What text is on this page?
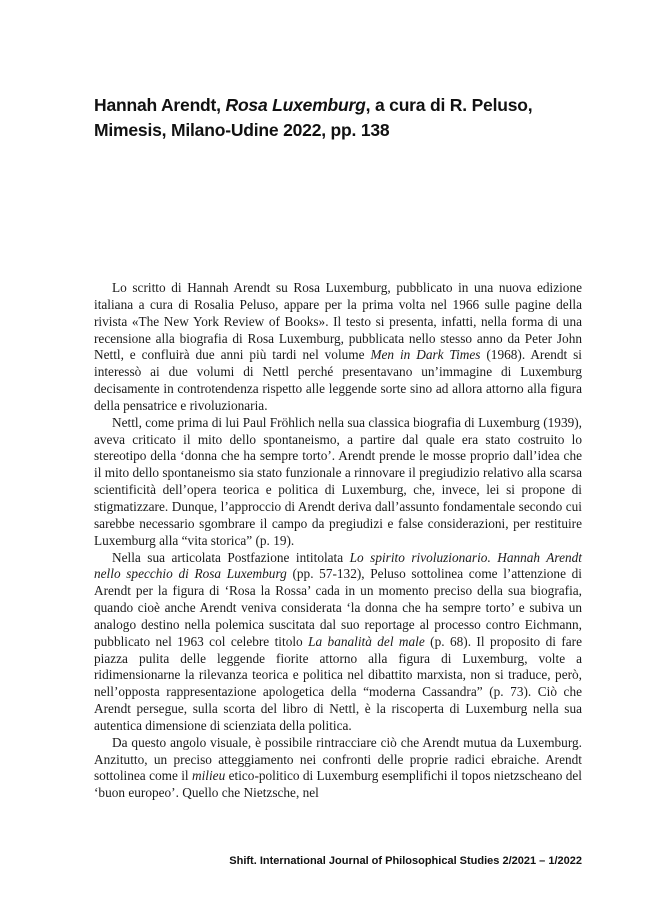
Hannah Arendt, Rosa Luxemburg, a cura di R. Peluso, Mimesis, Milano-Udine 2022, pp. 138

Lo scritto di Hannah Arendt su Rosa Luxemburg, pubblicato in una nuova edizione italiana a cura di Rosalia Peluso, appare per la prima volta nel 1966 sulle pagine della rivista «The New York Review of Books». Il testo si presenta, infatti, nella forma di una recensione alla biografia di Rosa Luxemburg, pubblicata nello stesso anno da Peter John Nettl, e confluirà due anni più tardi nel volume Men in Dark Times (1968). Arendt si interessò ai due volumi di Nettl perché presentavano un’immagine di Luxemburg decisamente in controtendenza rispetto alle leggende sorte sino ad allora attorno alla figura della pensatrice e rivoluzionaria.

Nettl, come prima di lui Paul Fröhlich nella sua classica biografia di Luxemburg (1939), aveva criticato il mito dello spontaneismo, a partire dal quale era stato costruito lo stereotipo della ‘donna che ha sempre torto’. Arendt prende le mosse proprio dall’idea che il mito dello spontaneismo sia stato funzionale a rinnovare il pregiudizio relativo alla scarsa scientificità dell’opera teorica e politica di Luxemburg, che, invece, lei si propone di stigmatizzare. Dunque, l’approccio di Arendt deriva dall’assunto fondamentale secondo cui sarebbe necessario sgombrare il campo da pregiudizi e false considerazioni, per restituire Luxemburg alla “vita storica” (p. 19).

Nella sua articolata Postfazione intitolata Lo spirito rivoluzionario. Hannah Arendt nello specchio di Rosa Luxemburg (pp. 57-132), Peluso sottolinea come l’attenzione di Arendt per la figura di ‘Rosa la Rossa’ cada in un momento preciso della sua biografia, quando cioè anche Arendt veniva considerata ‘la donna che ha sempre torto’ e subiva un analogo destino nella polemica suscitata dal suo reportage al processo contro Eichmann, pubblicato nel 1963 col celebre titolo La banalità del male (p. 68). Il proposito di fare piazza pulita delle leggende fiorite attorno alla figura di Luxemburg, volte a ridimensionarne la rilevanza teorica e politica nel dibattito marxista, non si traduce, però, nell’opposta rappresentazione apologetica della “moderna Cassandra” (p. 73). Ciò che Arendt persegue, sulla scorta del libro di Nettl, è la riscoperta di Luxemburg nella sua autentica dimensione di scienziata della politica.

Da questo angolo visuale, è possibile rintracciare ciò che Arendt mutua da Luxemburg. Anzitutto, un preciso atteggiamento nei confronti delle proprie radici ebraiche. Arendt sottolinea come il milieu etico-politico di Luxemburg esemplifichi il topos nietzscheano del ‘buon europeo’. Quello che Nietzsche, nel

Shift. International Journal of Philosophical Studies 2/2021 – 1/2022
